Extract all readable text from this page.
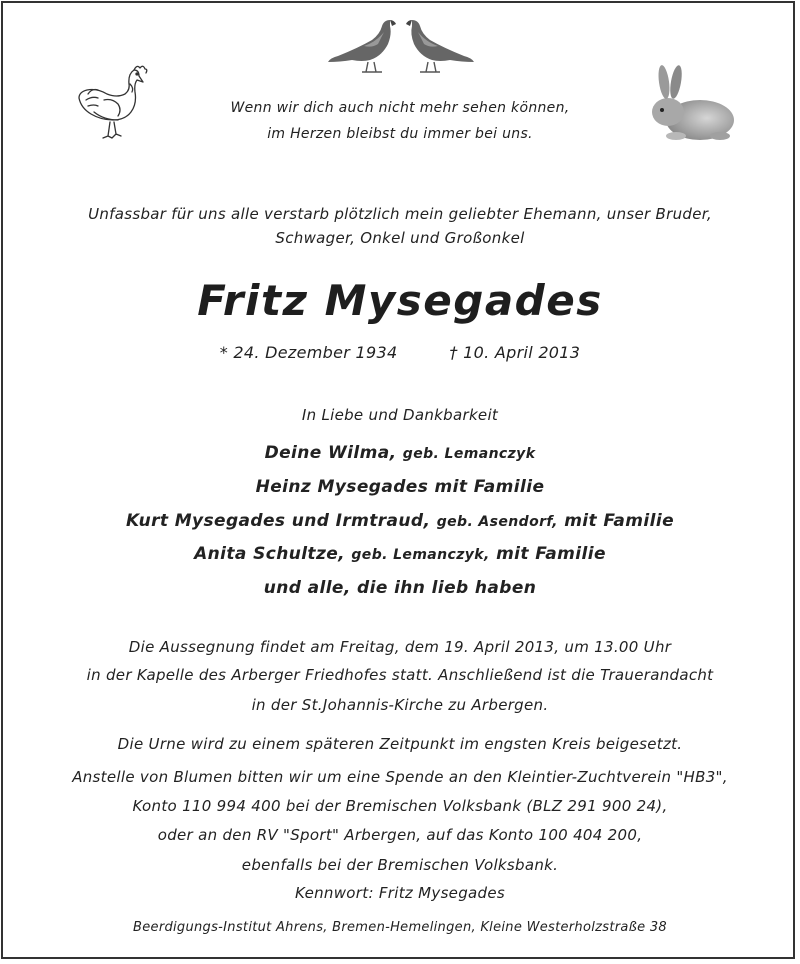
Wenn wir dich auch nicht mehr sehen können,
im Herzen bleibst du immer bei uns.
Unfassbar für uns alle verstarb plötzlich mein geliebter Ehemann, unser Bruder,
Schwager, Onkel und Großonkel
Fritz Mysegades
* 24. Dezember 1934	† 10. April 2013
In Liebe und Dankbarkeit
Deine Wilma, geb. Lemanczyk
Heinz Mysegades mit Familie
Kurt Mysegades und Irmtraud, geb. Asendorf, mit Familie
Anita Schultze, geb. Lemanczyk, mit Familie
und alle, die ihn lieb haben
Die Aussegnung findet am Freitag, dem 19. April 2013, um 13.00 Uhr
in der Kapelle des Arberger Friedhofes statt. Anschließend ist die Trauerandacht
in der St.Johannis-Kirche zu Arbergen.
Die Urne wird zu einem späteren Zeitpunkt im engsten Kreis beigesetzt.
Anstelle von Blumen bitten wir um eine Spende an den Kleintier-Zuchtverein "HB3",
Konto 110 994 400 bei der Bremischen Volksbank (BLZ 291 900 24),
oder an den RV "Sport" Arbergen, auf das Konto 100 404 200,
ebenfalls bei der Bremischen Volksbank.
Kennwort: Fritz Mysegades
Beerdigungs-Institut Ahrens, Bremen-Hemelingen, Kleine Westerholzstraße 38
